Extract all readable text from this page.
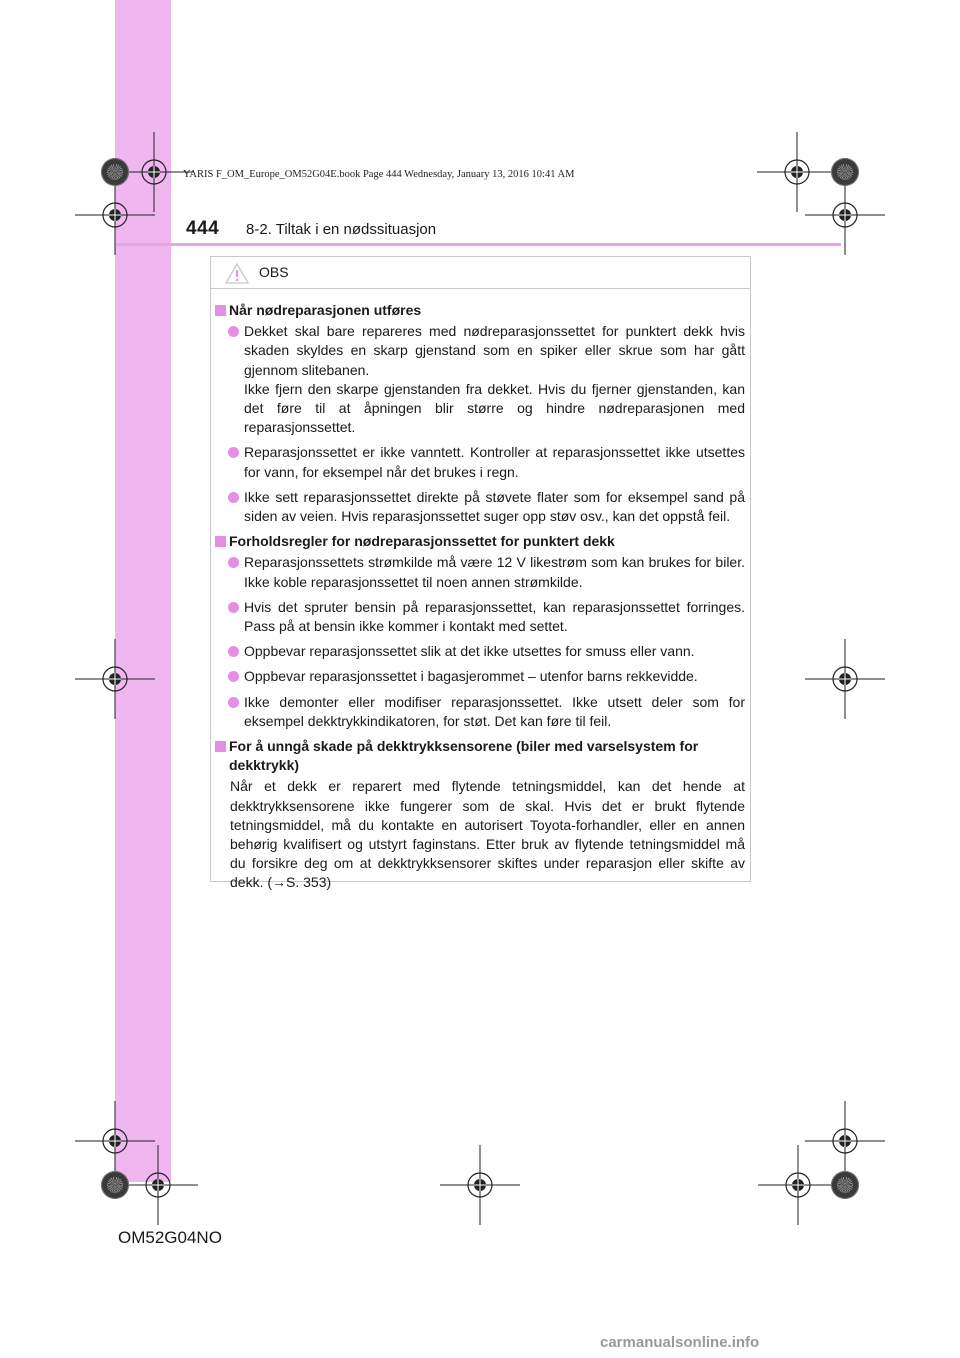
YARIS F_OM_Europe_OM52G04E.book Page 444 Wednesday, January 13, 2016 10:41 AM
444 8-2. Tiltak i en nødssituasjon
OBS
Når nødreparasjonen utføres
Dekket skal bare repareres med nødreparasjonssettet for punktert dekk hvis skaden skyldes en skarp gjenstand som en spiker eller skrue som har gått gjennom slitebanen.
Ikke fjern den skarpe gjenstanden fra dekket. Hvis du fjerner gjenstanden, kan det føre til at åpningen blir større og hindre nødreparasjonen med reparasjonssettet.
Reparasjonssettet er ikke vanntett. Kontroller at reparasjonssettet ikke utsettes for vann, for eksempel når det brukes i regn.
Ikke sett reparasjonssettet direkte på støvete flater som for eksempel sand på siden av veien. Hvis reparasjonssettet suger opp støv osv., kan det oppstå feil.
Forholdsregler for nødreparasjonssettet for punktert dekk
Reparasjonssettets strømkilde må være 12 V likestrøm som kan brukes for biler. Ikke koble reparasjonssettet til noen annen strømkilde.
Hvis det spruter bensin på reparasjonssettet, kan reparasjonssettet forringes. Pass på at bensin ikke kommer i kontakt med settet.
Oppbevar reparasjonssettet slik at det ikke utsettes for smuss eller vann.
Oppbevar reparasjonssettet i bagasjerommet – utenfor barns rekkevidde.
Ikke demonter eller modifiser reparasjonssettet. Ikke utsett deler som for eksempel dekktrykkindikatoren, for støt. Det kan føre til feil.
For å unngå skade på dekktrykksensorene (biler med varselsystem for dekktrykk)
Når et dekk er reparert med flytende tetningsmiddel, kan det hende at dekktrykksensorene ikke fungerer som de skal. Hvis det er brukt flytende tetningsmiddel, må du kontakte en autorisert Toyota-forhandler, eller en annen behørig kvalifisert og utstyrt faginstans. Etter bruk av flytende tetningsmiddel må du forsikre deg om at dekktrykksensorer skiftes under reparasjon eller skifte av dekk. (→S. 353)
OM52G04NO
carmanualsonline.info
